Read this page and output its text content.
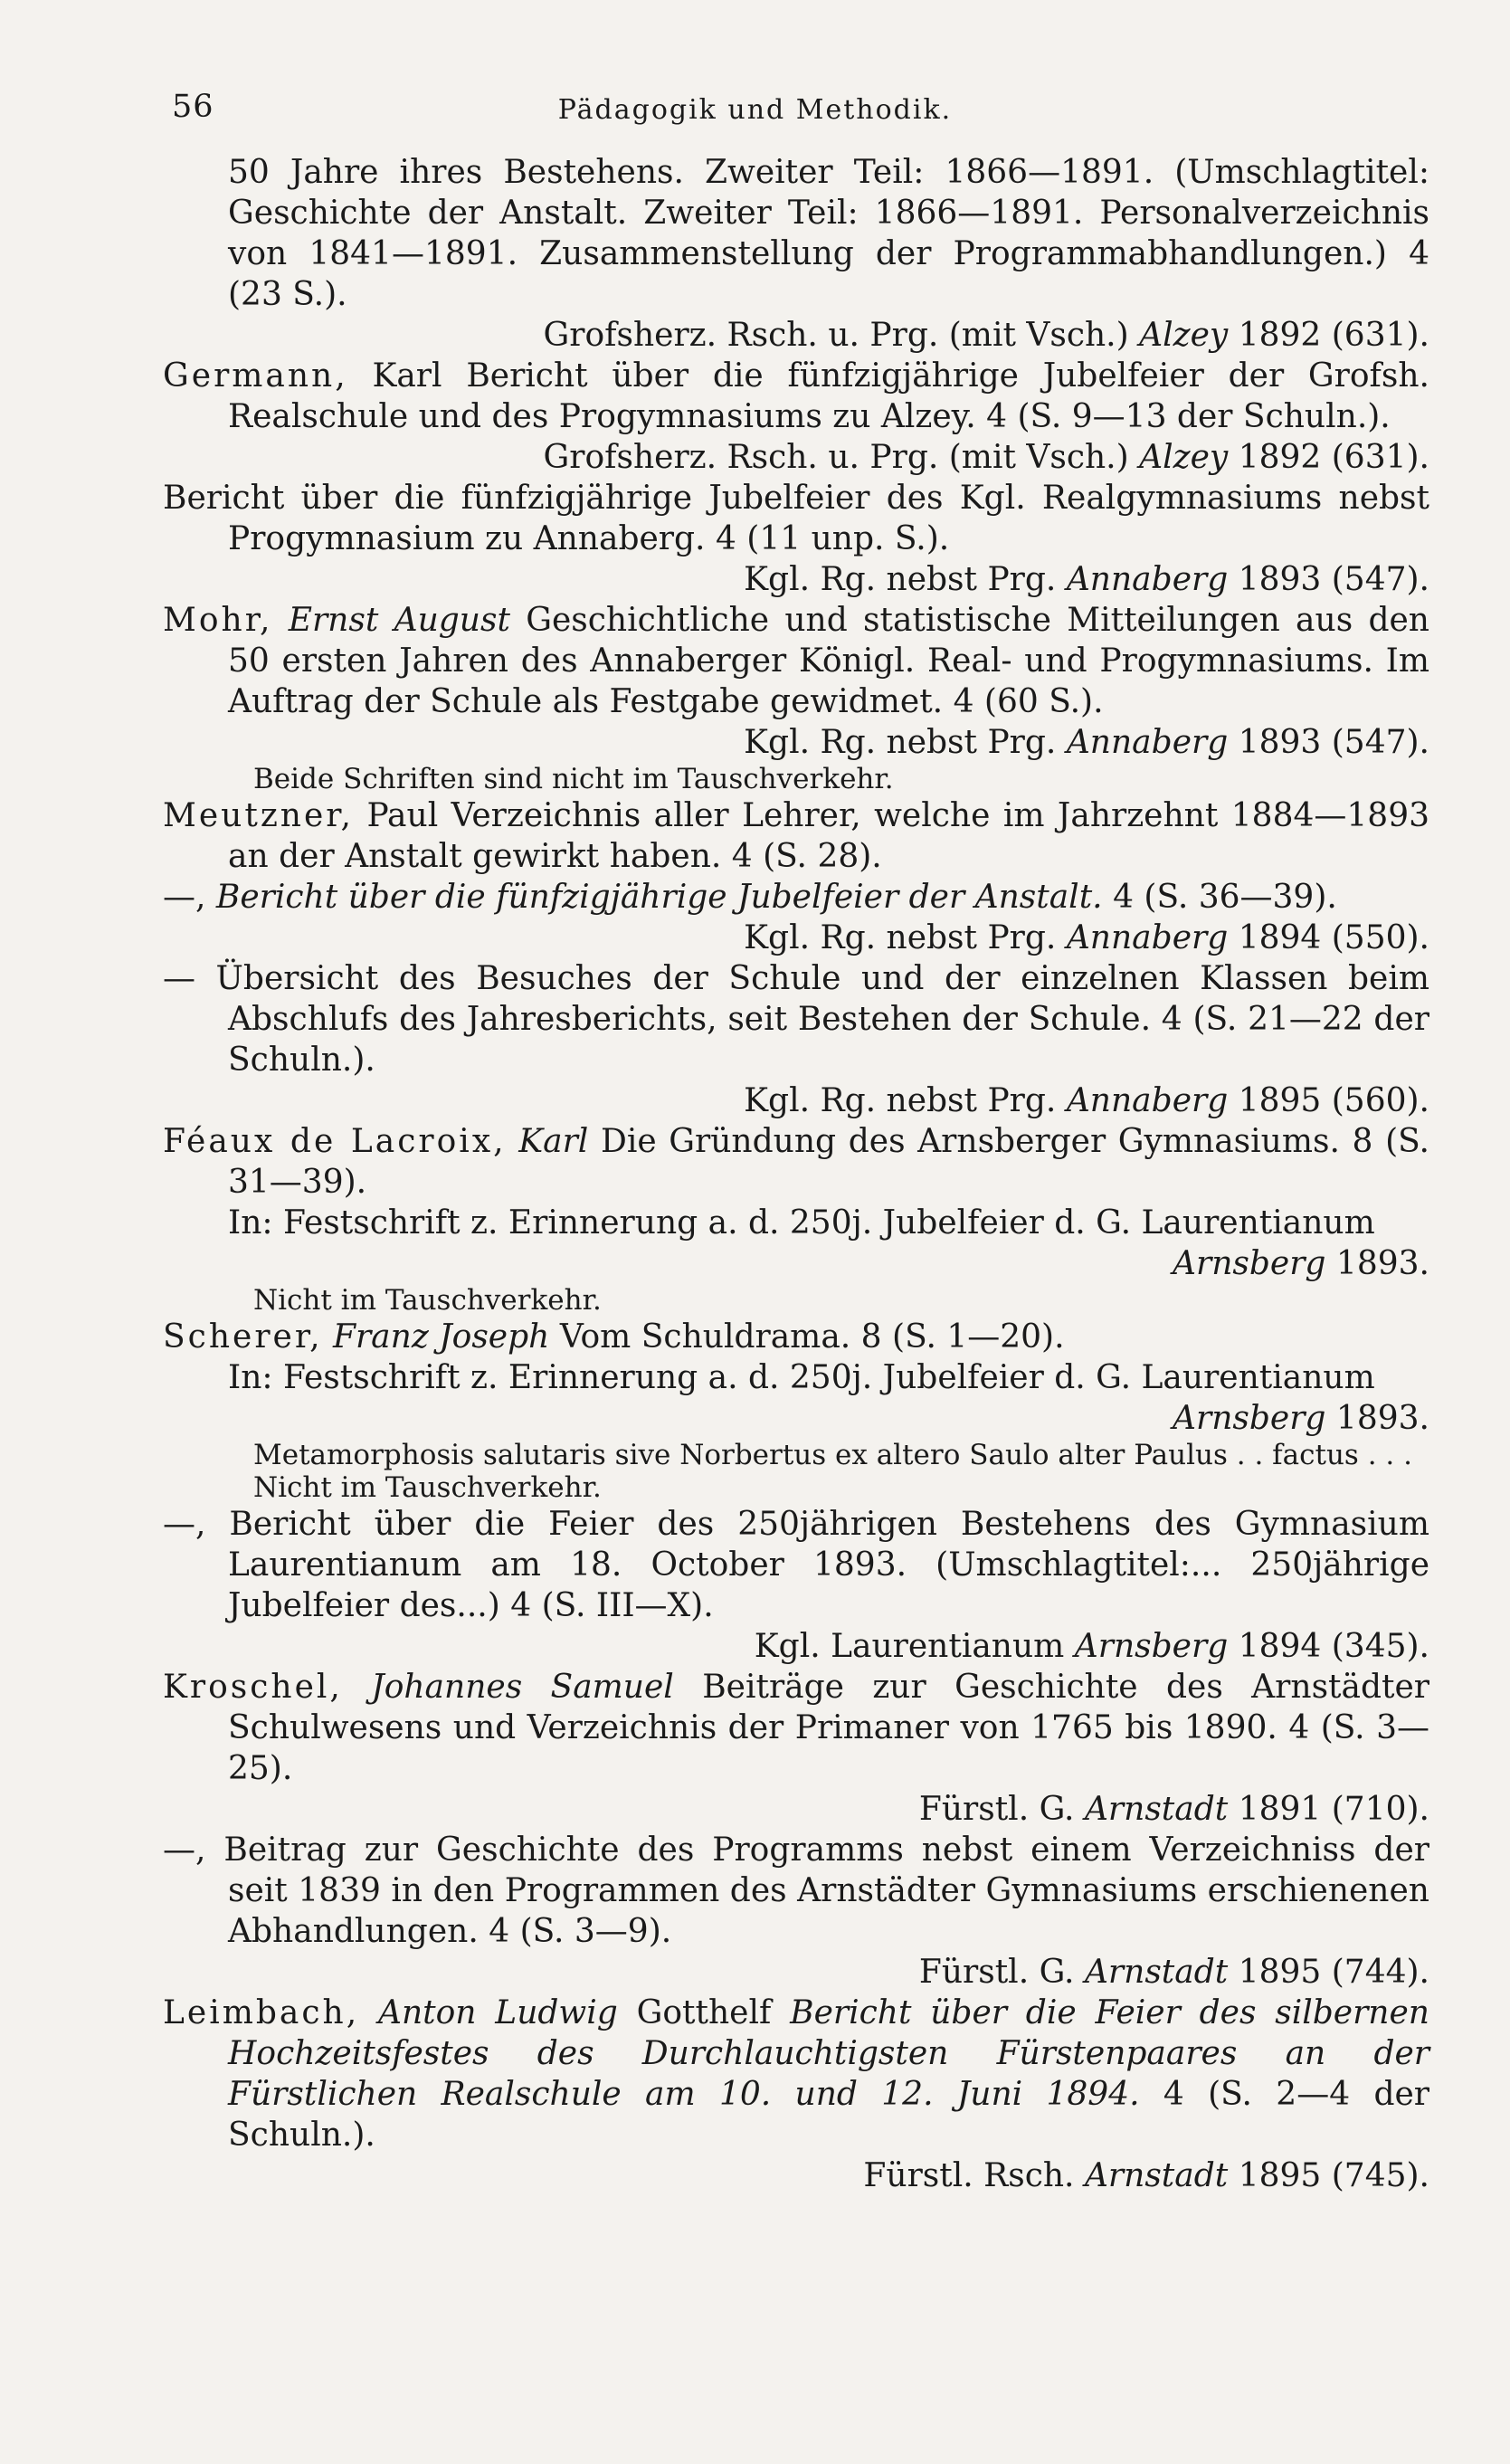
56	Pädagogik und Methodik.
50 Jahre ihres Bestehens. Zweiter Teil: 1866—1891. (Umschlagtitel: Geschichte der Anstalt. Zweiter Teil: 1866—1891. Personalverzeichnis von 1841—1891. Zusammenstellung der Programmabhandlungen.) 4 (23 S.).
Grofsherz. Rsch. u. Prg. (mit Vsch.) Alzey 1892 (631).
Germann, Karl Bericht über die fünfzigjährige Jubelfeier der Grofsh. Realschule und des Progymnasiums zu Alzey. 4 (S. 9—13 der Schuln.).
Grofsherz. Rsch. u. Prg. (mit Vsch.) Alzey 1892 (631).
Bericht über die fünfzigjährige Jubelfeier des Kgl. Realgymnasiums nebst Progymnasium zu Annaberg. 4 (11 unp. S.).
Kgl. Rg. nebst Prg. Annaberg 1893 (547).
Mohr, Ernst August Geschichtliche und statistische Mitteilungen aus den 50 ersten Jahren des Annaberger Königl. Real- und Progymnasiums. Im Auftrag der Schule als Festgabe gewidmet. 4 (60 S.).
Kgl. Rg. nebst Prg. Annaberg 1893 (547).
Beide Schriften sind nicht im Tauschverkehr.
Meutzner, Paul Verzeichnis aller Lehrer, welche im Jahrzehnt 1884—1893 an der Anstalt gewirkt haben. 4 (S. 28).
—, Bericht über die fünfzigjährige Jubelfeier der Anstalt. 4 (S. 36—39).
Kgl. Rg. nebst Prg. Annaberg 1894 (550).
— Übersicht des Besuches der Schule und der einzelnen Klassen beim Abschlufs des Jahresberichts, seit Bestehen der Schule. 4 (S. 21—22 der Schuln.).
Kgl. Rg. nebst Prg. Annaberg 1895 (560).
Féaux de Lacroix, Karl Die Gründung des Arnsberger Gymnasiums. 8 (S. 31—39).
In: Festschrift z. Erinnerung a. d. 250j. Jubelfeier d. G. Laurentianum
Arnsberg 1893.
Nicht im Tauschverkehr.
Scherer, Franz Joseph Vom Schuldrama. 8 (S. 1—20).
In: Festschrift z. Erinnerung a. d. 250j. Jubelfeier d. G. Laurentianum
Arnsberg 1893.
Metamorphosis salutaris sive Norbertus ex altero Saulo alter Paulus . . factus . . .
Nicht im Tauschverkehr.
—, Bericht über die Feier des 250jährigen Bestehens des Gymnasium Laurentianum am 18. October 1893. (Umschlagtitel:... 250jährige Jubelfeier des...) 4 (S. III—X).
Kgl. Laurentianum Arnsberg 1894 (345).
Kroschel, Johannes Samuel Beiträge zur Geschichte des Arnstädter Schulwesens und Verzeichnis der Primaner von 1765 bis 1890. 4 (S. 3—25).
Fürstl. G. Arnstadt 1891 (710).
—, Beitrag zur Geschichte des Programms nebst einem Verzeichniss der seit 1839 in den Programmen des Arnstädter Gymnasiums erschienenen Abhandlungen. 4 (S. 3—9).
Fürstl. G. Arnstadt 1895 (744).
Leimbach, Anton Ludwig Gotthelf Bericht über die Feier des silbernen Hochzeitsfestes des Durchlauchtigsten Fürstenpaares an der Fürstlichen Realschule am 10. und 12. Juni 1894. 4 (S. 2—4 der Schuln.).
Fürstl. Rsch. Arnstadt 1895 (745).
